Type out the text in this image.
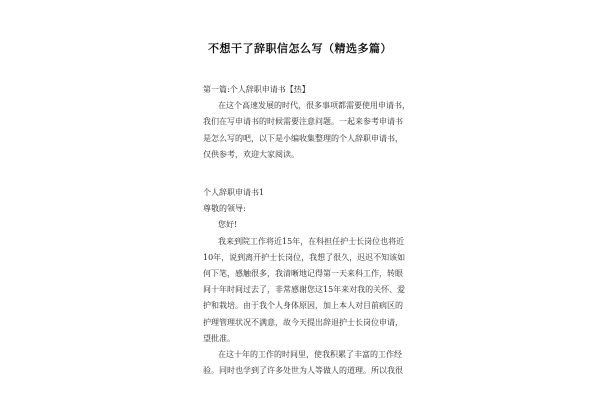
不想干了辞职信怎么写（精选多篇）
第一篇:个人辞职申请书【热】
在这个高速发展的时代，很多事项都需要使用申请书，
我们在写申请书的时候需要注意问题。一起来参考申请书
是怎么写的吧，以下是小编收集整理的个人辞职申请书，
仅供参考，欢迎大家阅读。
个人辞职申请书1
尊敬的领导:
您好!
我来到院工作将近15年，在科担任护士长岗位也将近
10年，说到离开护士长岗位，我想了很久，迟迟不知该如
何下笔，感触很多，我清晰地记得第一天来科工作，转眼
间十年时间过去了，非常感谢您这15年来对我的关怀、爱
护和栽培。由于我个人身体原因，加上本人对目前病区的
护理管理状况不满意，故今天提出辞退护士长岗位申请，
望批准。
在这十年的工作的时间里，使我积累了丰富的工作经
验。同时也学到了许多处世为人等做人的道理。所以我很
